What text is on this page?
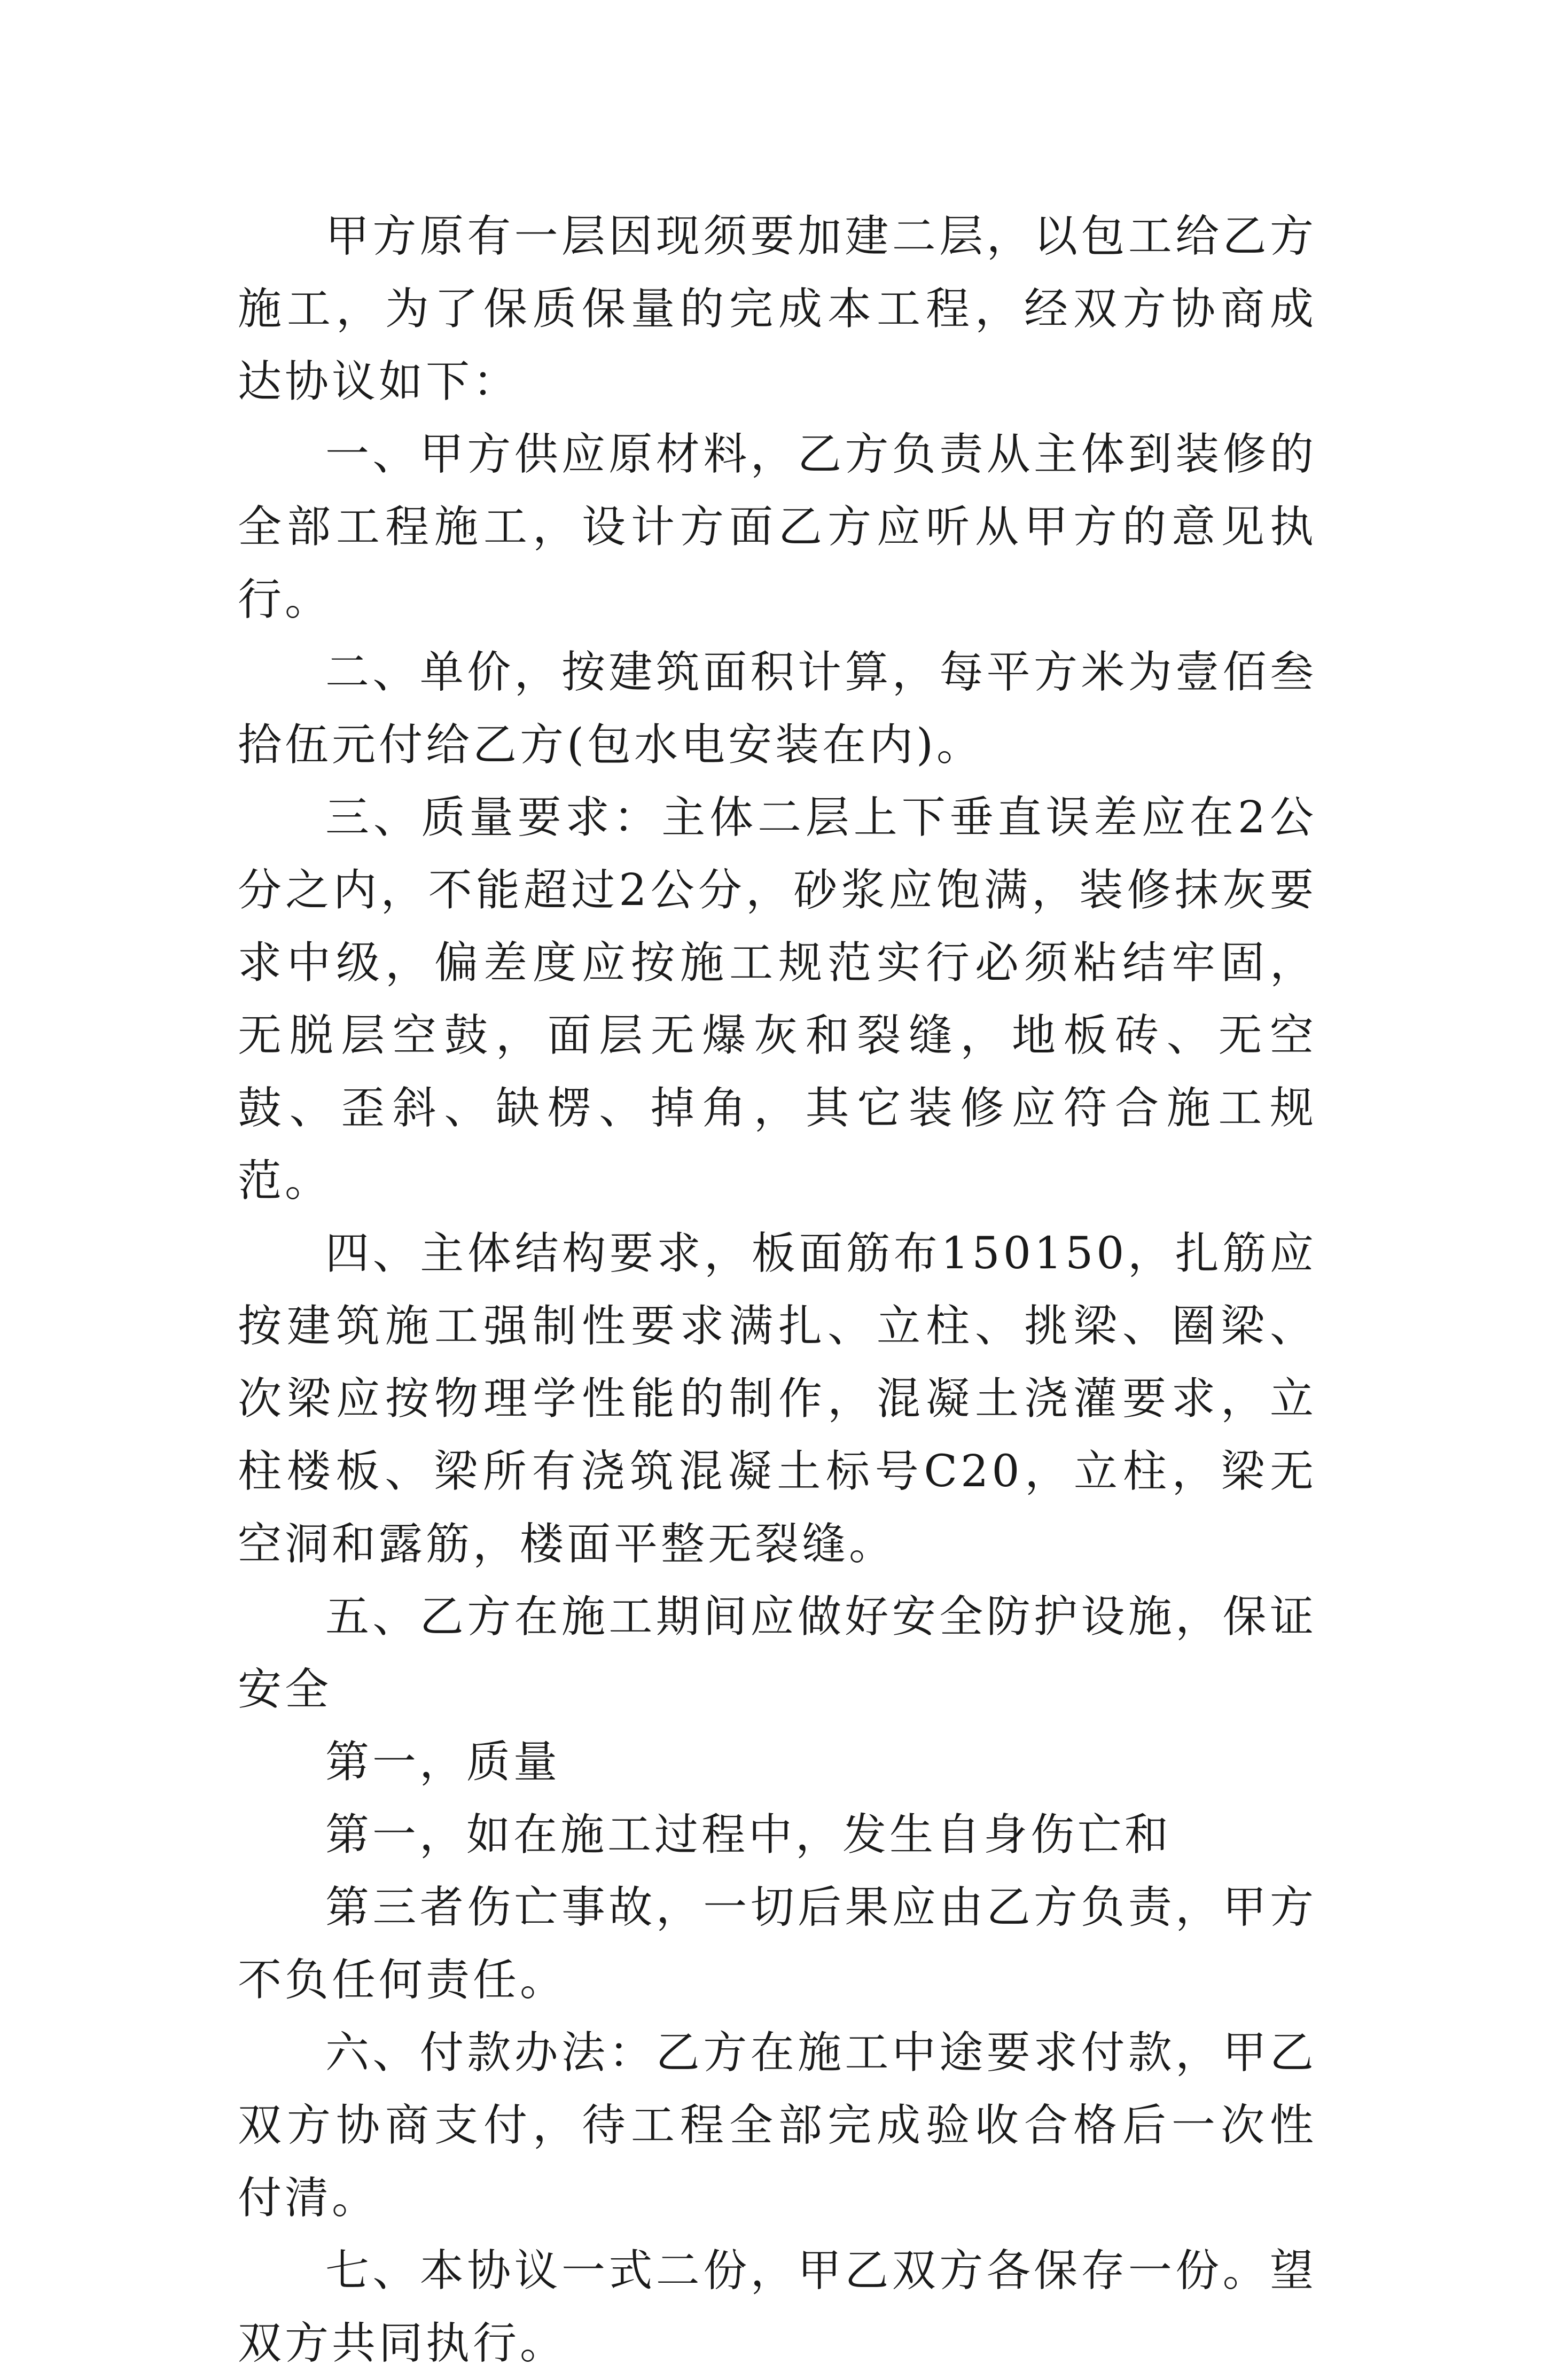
甲方原有一层因现须要加建二层，以包工给乙方施工，为了保质保量的完成本工程，经双方协商成达协议如下：

一、甲方供应原材料，乙方负责从主体到装修的全部工程施工，设计方面乙方应听从甲方的意见执行。

二、单价，按建筑面积计算，每平方米为壹佰叁拾伍元付给乙方(包水电安装在内)。

三、质量要求：主体二层上下垂直误差应在2公分之内，不能超过2公分，砂浆应饱满，装修抹灰要求中级，偏差度应按施工规范实行必须粘结牢固，无脱层空鼓，面层无爆灰和裂缝，地板砖、无空鼓、歪斜、缺楞、掉角，其它装修应符合施工规范。

四、主体结构要求，板面筋布150150，扎筋应按建筑施工强制性要求满扎、立柱、挑梁、圈梁、次梁应按物理学性能的制作，混凝土浇灌要求，立柱楼板、梁所有浇筑混凝土标号C20，立柱，梁无空洞和露筋，楼面平整无裂缝。

五、乙方在施工期间应做好安全防护设施，保证安全

第一，质量

第一，如在施工过程中，发生自身伤亡和

第三者伤亡事故，一切后果应由乙方负责，甲方不负任何责任。

六、付款办法：乙方在施工中途要求付款，甲乙双方协商支付，待工程全部完成验收合格后一次性付清。

七、本协议一式二份，甲乙双方各保存一份。望双方共同执行。
